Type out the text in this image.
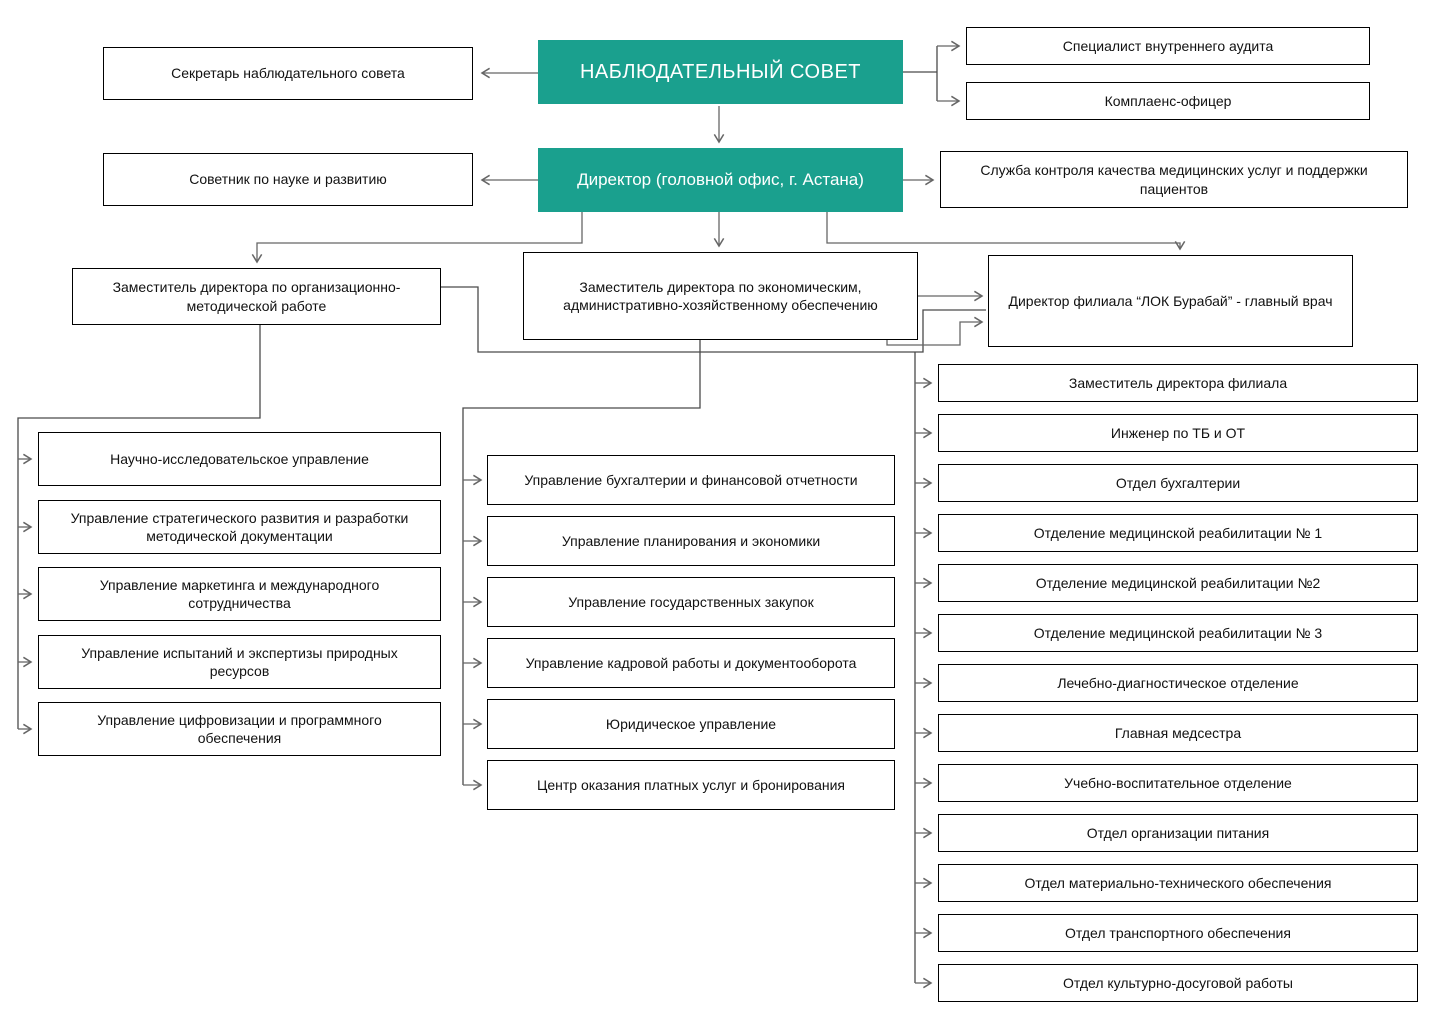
Секретарь наблюдательного совета	НАБЛЮДАТЕЛЬНЫЙ СОВЕТ
Специалист внутреннего аудита
Комплаенс-офицер
Советник по науке и развитию	Директор (головной офис, г. Астана)	Служба контроля качества медицинских услуг и поддержки пациентов
Заместитель директора по организационно-методической работе
Заместитель директора по экономическим, административно-хозяйственному обеспечению	Директор филиала “ЛОК Бурабай” - главный врач
Научно-исследовательское управление
Управление стратегического развития и разработки методической документации
Управление маркетинга и международного сотрудничества
Управление испытаний и экспертизы природных ресурсов
Управление цифровизации и программного обеспечения
Управление бухгалтерии и финансовой отчетности
Управление планирования и экономики
Управление государственных закупок
Управление кадровой работы и документооборота
Юридическое управление
Центр оказания платных услуг и бронирования
Заместитель директора филиала
Инженер по ТБ и ОТ
Отдел бухгалтерии
Отделение медицинской реабилитации № 1
Отделение медицинской реабилитации №2
Отделение медицинской реабилитации № 3
Лечебно-диагностическое отделение
Главная медсестра
Учебно-воспитательное отделение
Отдел организации питания
Отдел материально-технического обеспечения
Отдел транспортного обеспечения
Отдел культурно-досуговой работы
